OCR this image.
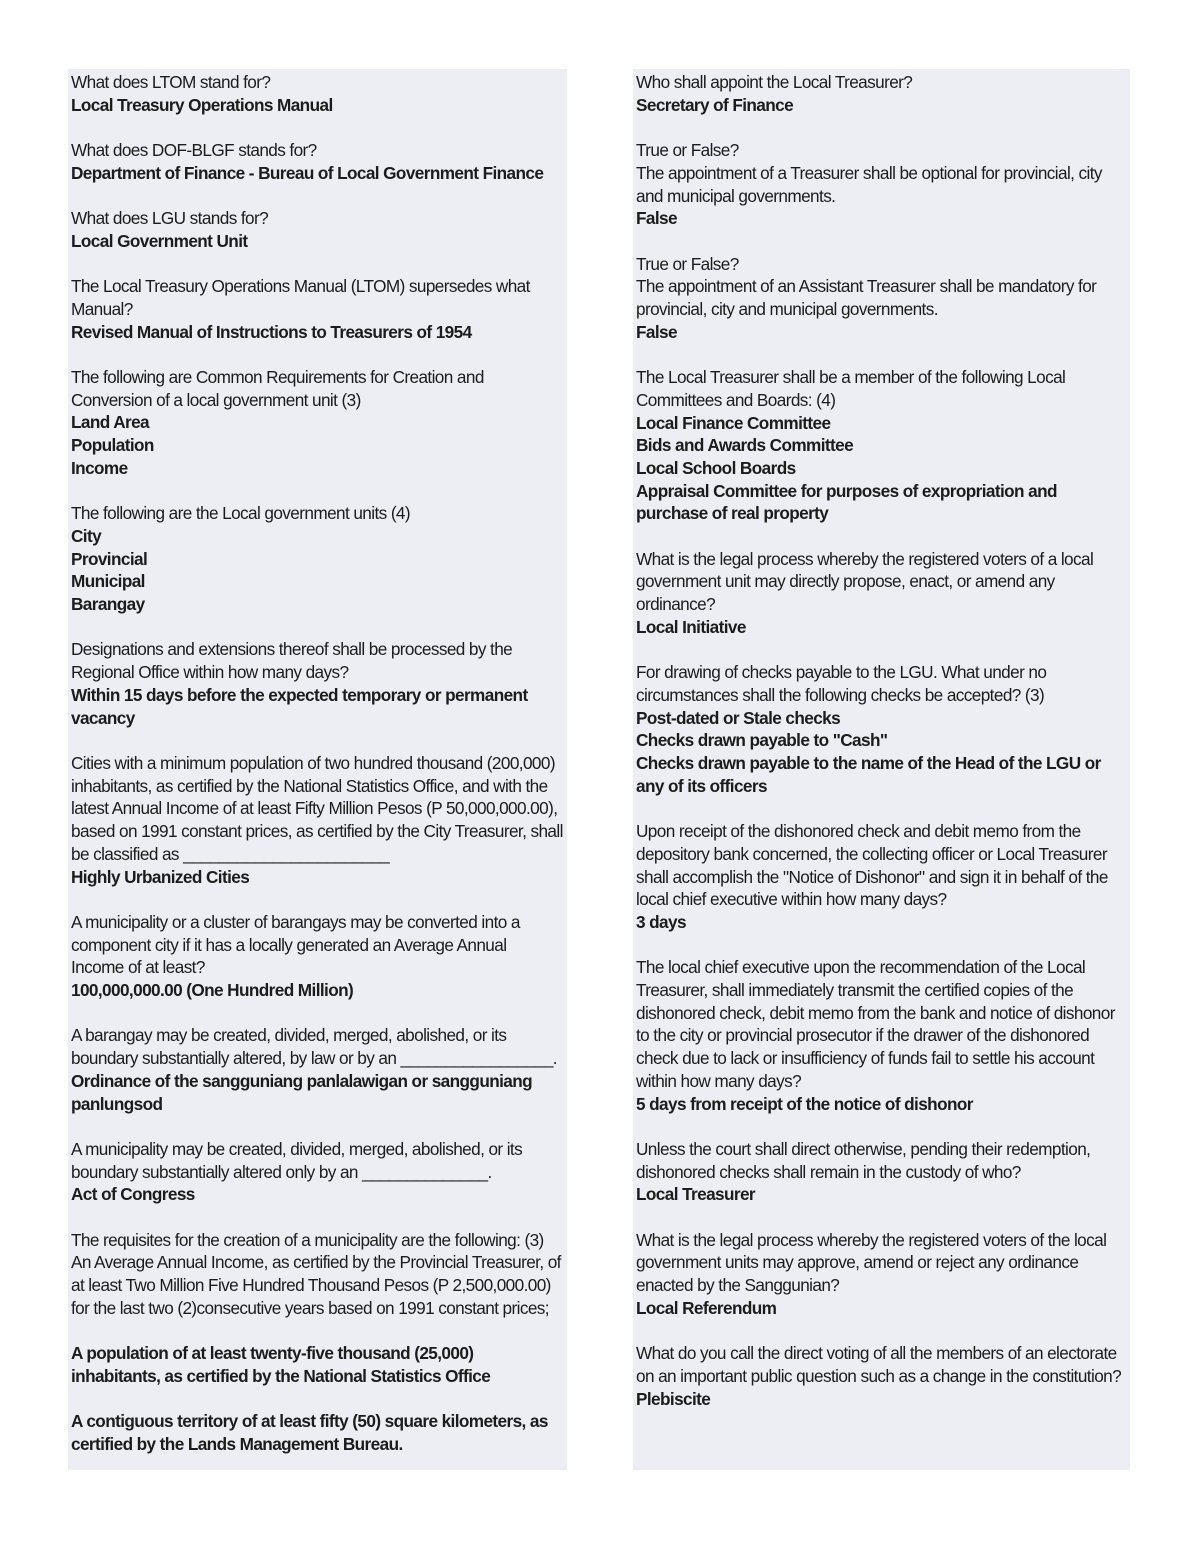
What does LTOM stand for?
Local Treasury Operations Manual
What does DOF-BLGF stands for?
Department of Finance - Bureau of Local Government Finance
What does LGU stands for?
Local Government Unit
The Local Treasury Operations Manual (LTOM) supersedes what Manual?
Revised Manual of Instructions to Treasurers of 1954
The following are Common Requirements for Creation and Conversion of a local government unit (3)
Land Area
Population
Income
The following are the Local government units (4)
City
Provincial
Municipal
Barangay
Designations and extensions thereof shall be processed by the Regional Office within how many days?
Within 15 days before the expected temporary or permanent vacancy
Cities with a minimum population of two hundred thousand (200,000) inhabitants, as certified by the National Statistics Office, and with the latest Annual Income of at least Fifty Million Pesos (P 50,000,000.00), based on 1991 constant prices, as certified by the City Treasurer, shall be classified as _______________________
Highly Urbanized Cities
A municipality or a cluster of barangays may be converted into a component city if it has a locally generated an Average Annual Income of at least?
100,000,000.00 (One Hundred Million)
A barangay may be created, divided, merged, abolished, or its boundary substantially altered, by law or by an _________________.
Ordinance of the sangguniang panlalawigan or sangguniang panlungsod
A municipality may be created, divided, merged, abolished, or its boundary substantially altered only by an ______________.
Act of Congress
The requisites for the creation of a municipality are the following: (3)
An Average Annual Income, as certified by the Provincial Treasurer, of at least Two Million Five Hundred Thousand Pesos (P 2,500,000.00) for the last two (2)consecutive years based on 1991 constant prices;
A population of at least twenty-five thousand (25,000) inhabitants, as certified by the National Statistics Office
A contiguous territory of at least fifty (50) square kilometers, as certified by the Lands Management Bureau.
Who shall appoint the Local Treasurer?
Secretary of Finance
True or False?
The appointment of a Treasurer shall be optional for provincial, city and municipal governments.
False
True or False?
The appointment of an Assistant Treasurer shall be mandatory for provincial, city and municipal governments.
False
The Local Treasurer shall be a member of the following Local Committees and Boards: (4)
Local Finance Committee
Bids and Awards Committee
Local School Boards
Appraisal Committee for purposes of expropriation and purchase of real property
What is the legal process whereby the registered voters of a local government unit may directly propose, enact, or amend any ordinance?
Local Initiative
For drawing of checks payable to the LGU. What under no circumstances shall the following checks be accepted? (3)
Post-dated or Stale checks
Checks drawn payable to "Cash"
Checks drawn payable to the name of the Head of the LGU or any of its officers
Upon receipt of the dishonored check and debit memo from the depository bank concerned, the collecting officer or Local Treasurer shall accomplish the "Notice of Dishonor" and sign it in behalf of the local chief executive within how many days?
3 days
The local chief executive upon the recommendation of the Local Treasurer, shall immediately transmit the certified copies of the dishonored check, debit memo from the bank and notice of dishonor to the city or provincial prosecutor if the drawer of the dishonored check due to lack or insufficiency of funds fail to settle his account within how many days?
5 days from receipt of the notice of dishonor
Unless the court shall direct otherwise, pending their redemption, dishonored checks shall remain in the custody of who?
Local Treasurer
What is the legal process whereby the registered voters of the local government units may approve, amend or reject any ordinance enacted by the Sanggunian?
Local Referendum
What do you call the direct voting of all the members of an electorate on an important public question such as a change in the constitution?
Plebiscite
